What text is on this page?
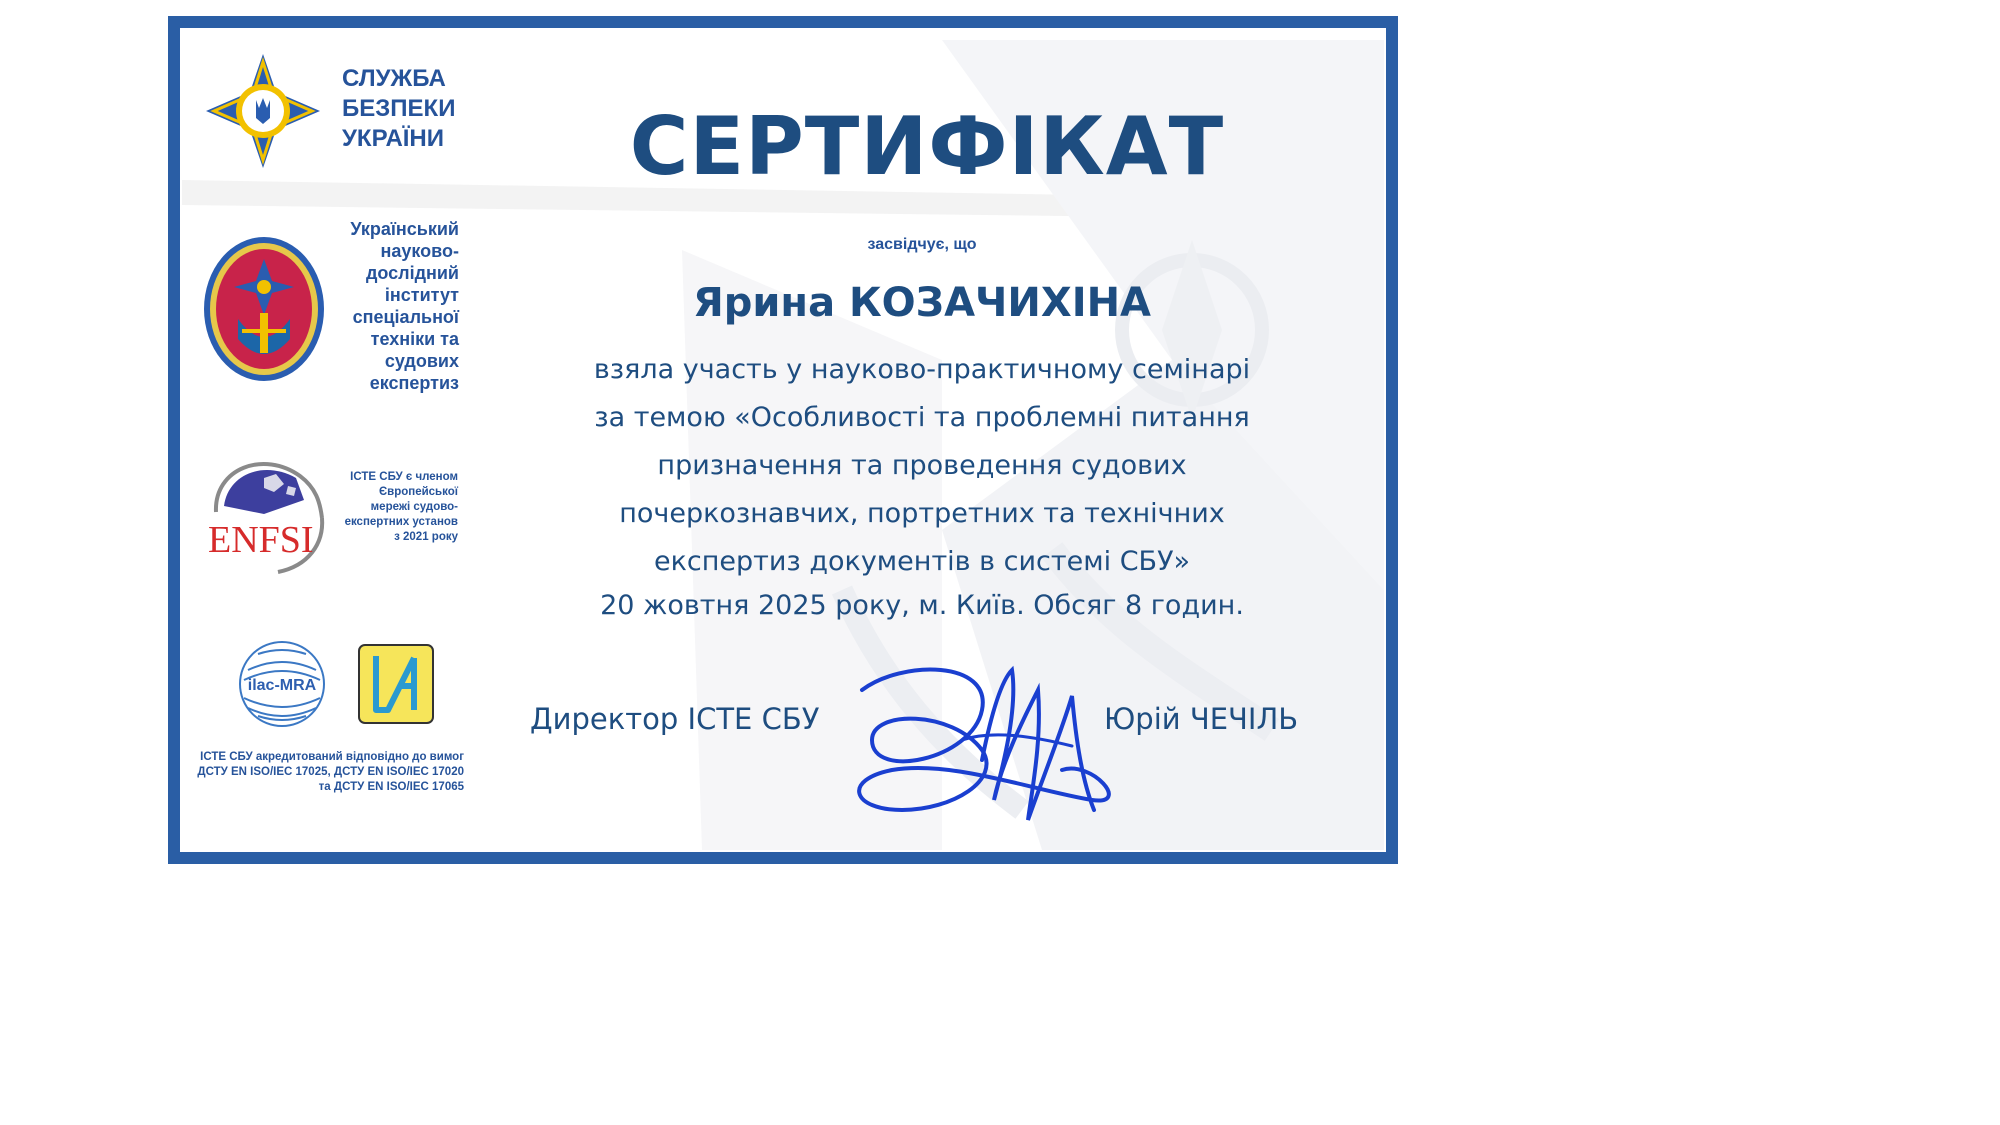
СЛУЖБА
БЕЗПЕКИ
УКРАЇНИ	СЕРТИФІКАТ

Український науково-дослідний інститут спеціальної техніки та судових експертиз

ENFSI

ІСТЕ СБУ є членом Європейської мережі судово-експертних установ з 2021 року

ilac-MRA

ІСТЕ СБУ акредитований відповідно до вимог ДСТУ EN ISO/IEC 17025, ДСТУ EN ISO/IEC 17020 та ДСТУ EN ISO/IEC 17065

засвідчує, що

Ярина КОЗАЧИХІНА

взяла участь у науково-практичному семінарі
за темою «Особливості та проблемні питання
призначення та проведення судових
почеркознавчих, портретних та технічних
експертиз документів в системі СБУ»

20 жовтня 2025 року, м. Київ. Обсяг 8 годин.

Директор ІСТЕ СБУ	Юрій ЧЕЧІЛЬ
